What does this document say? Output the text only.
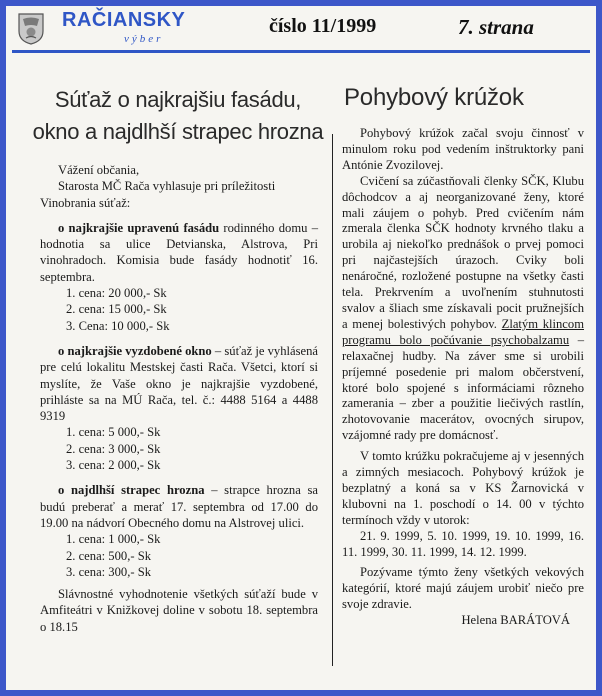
RAČIANSKY
výber
číslo 11/1999	7. strana
Súťaž o najkrajšiu fasádu,
okno a najdlhší strapec hrozna
Pohybový krúžok

Vážení občania,

Starosta MČ Rača vyhlasuje pri príležitosti Vinobrania súťaž:

o najkrajšie upravenú fasádu rodinného domu – hodnotia sa ulice Detvianska, Alstrova, Pri vinohradoch. Komisia bude fasády hodnotiť 16. septembra.

1. cena: 20 000,- Sk

2. cena: 15 000,- Sk

3. Cena: 10 000,- Sk

o najkrajšie vyzdobené okno – súťaž je vyhlásená pre celú lokalitu Mestskej časti Rača. Všetci, ktorí si myslíte, že Vaše okno je najkrajšie vyzdobené, prihláste sa na MÚ Rača, tel. č.: 4488 5164 a 4488 9319

1. cena: 5 000,- Sk

2. cena: 3 000,- Sk

3. cena: 2 000,- Sk

o najdlhší strapec hrozna – strapce hrozna sa budú preberať a merať 17. septembra od 17.00 do 19.00 na nádvorí Obecného domu na Alstrovej ulici.

1. cena: 1 000,- Sk

2. cena: 500,- Sk

3. cena: 300,- Sk

Slávnostné vyhodnotenie všetkých súťaží bude v Amfiteátri v Knižkovej doline v sobotu 18. septembra o 18.15

Pohybový krúžok začal svoju činnosť v minulom roku pod vedením inštruktorky pani Antónie Zvozilovej.

Cvičení sa zúčastňovali členky SČK, Klubu dôchodcov a aj neorganizované ženy, ktoré mali záujem o pohyb. Pred cvičením nám zmerala členka SČK hodnoty krvného tlaku a urobila aj niekoľko prednášok o prvej pomoci pri najčastejších úrazoch. Cviky boli nenáročné, rozložené postupne na všetky časti tela. Prekrvením a uvoľnením stuhnutosti svalov a šliach sme získavali pocit pružnejších a menej bolestivých pohybov. Zlatým klincom programu bolo počúvanie psychobalzamu – relaxačnej hudby. Na záver sme si urobili príjemné posedenie pri malom občerstvení, ktoré bolo spojené s informáciami rôzneho zamerania – zber a použitie liečivých rastlín, zhotovovanie macerátov, ovocných sirupov, vzájomné rady pre domácnosť.

V tomto krúžku pokračujeme aj v jesenných a zimných mesiacoch. Pohybový krúžok je bezplatný a koná sa v KS Žarnovická v klubovni na 1. poschodí o 14. 00 v týchto termínoch vždy v utorok:

21. 9. 1999, 5. 10. 1999, 19. 10. 1999, 16. 11. 1999, 30. 11. 1999, 14. 12. 1999.

Pozývame týmto ženy všetkých vekových kategórií, ktoré majú záujem urobiť niečo pre svoje zdravie.

Helena BARÁTOVÁ
